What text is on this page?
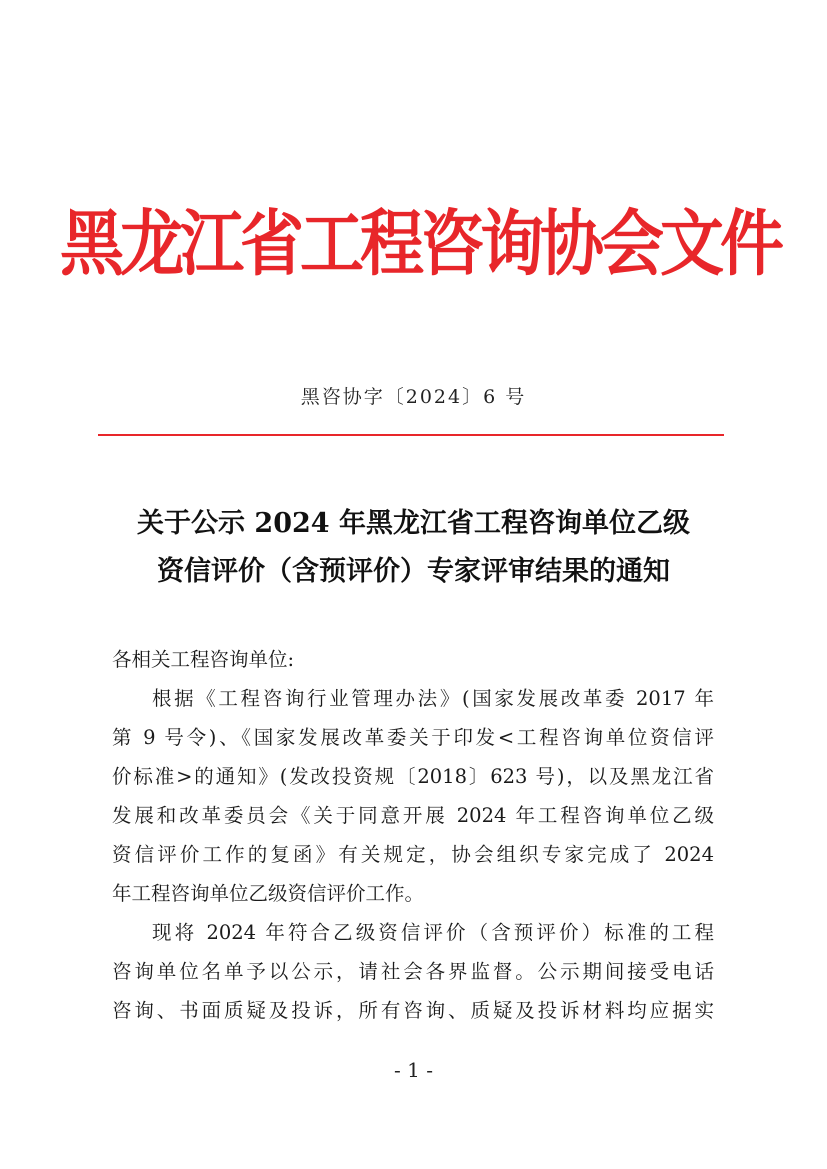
黑龙江省工程咨询协会文件
黑咨协字〔2024〕6 号
关于公示 2024 年黑龙江省工程咨询单位乙级
资信评价（含预评价）专家评审结果的通知
各相关工程咨询单位:

根据《工程咨询行业管理办法》(国家发展改革委 2017 年
第 9 号令)、《国家发展改革委关于印发<工程咨询单位资信评
价标准>的通知》(发改投资规〔2018〕623 号)，以及黑龙江省
发展和改革委员会《关于同意开展 2024 年工程咨询单位乙级
资信评价工作的复函》有关规定，协会组织专家完成了 2024
年工程咨询单位乙级资信评价工作。

现将 2024 年符合乙级资信评价（含预评价）标准的工程
咨询单位名单予以公示，请社会各界监督。公示期间接受电话
咨询、书面质疑及投诉，所有咨询、质疑及投诉材料均应据实

- 1 -
